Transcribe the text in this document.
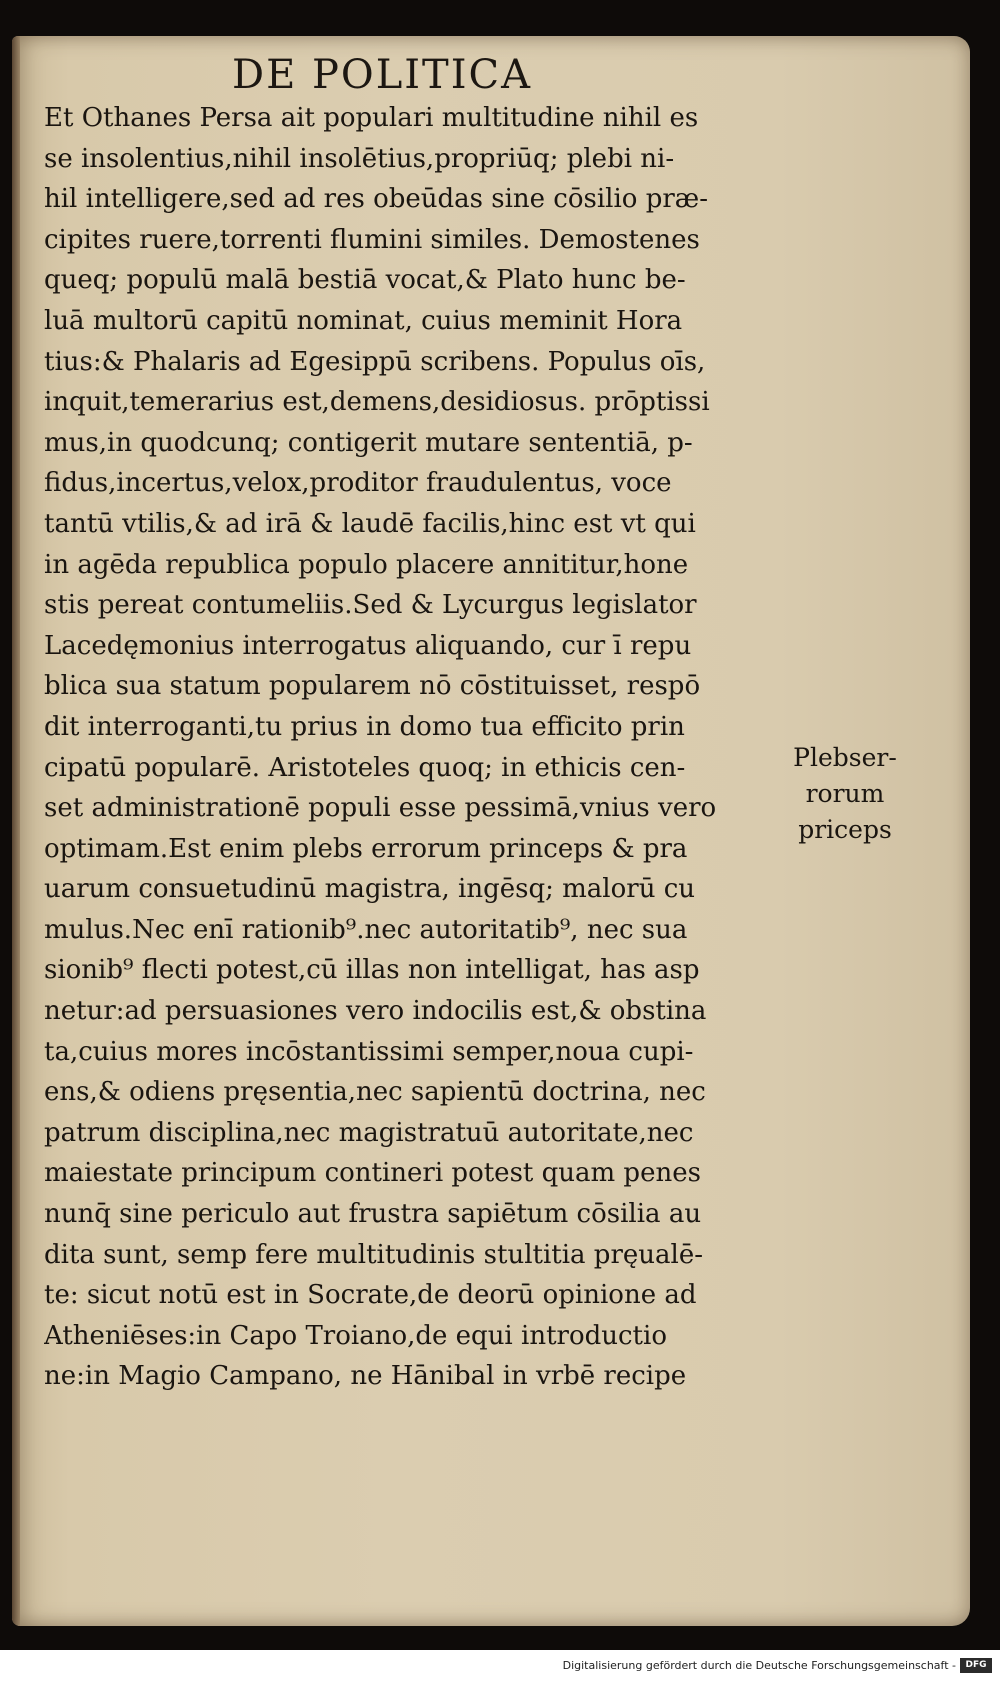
DE POLITICA
Et Othanes Persa ait populari multitudine nihil es
se insolentius,nihil insolētius,propriūq; plebi ni-
hil intelligere,sed ad res obeūdas sine cōsilio præ-
cipites ruere,torrenti flumini similes. Demostenes
queq; populū malā bestiā vocat,& Plato hunc be-
luā multorū capitū nominat, cuius meminit Hora
tius:& Phalaris ad Egesippū scribens. Populus oīs,
inquit,temerarius est,demens,desidiosus. prōptissi
mus,in quodcunq; contigerit mutare sententiā, p-
fidus,incertus,velox,proditor fraudulentus, voce
tantū vtilis,& ad irā & laudē facilis,hinc est vt qui
in agēda republica populo placere annititur,hone
stis pereat contumeliis.Sed & Lycurgus legislator
Lacedęmonius interrogatus aliquando, cur ī repu
blica sua statum popularem nō cōstituisset, respō
dit interroganti,tu prius in domo tua efficito prin
cipatū popularē. Aristoteles quoq; in ethicis cen-
set administrationē populi esse pessimā,vnius vero
optimam.Est enim plebs errorum princeps & pra
uarum consuetudinū magistra, ingēsq; malorū cu
mulus.Nec enī rationib⁹.nec autoritatib⁹, nec sua
sionib⁹ flecti potest,cū illas non intelligat, has asp
netur:ad persuasiones vero indocilis est,& obstina
ta,cuius mores incōstantissimi semper,noua cupi-
ens,& odiens pręsentia,nec sapientū doctrina, nec
patrum disciplina,nec magistratuū autoritate,nec
maiestate principum contineri potest quam penes
nunq̄ sine periculo aut frustra sapiētum cōsilia au
dita sunt, semp fere multitudinis stultitia pręualē-
te: sicut notū est in Socrate,de deorū opinione ad
Atheniēses:in Capo Troiano,de equi introductio
ne:in Magio Campano, ne Hānibal in vrbē recipe
Plebser-
rorum
priceps
Digitalisierung gefördert durch die Deutsche Forschungsgemeinschaft -	DFG
